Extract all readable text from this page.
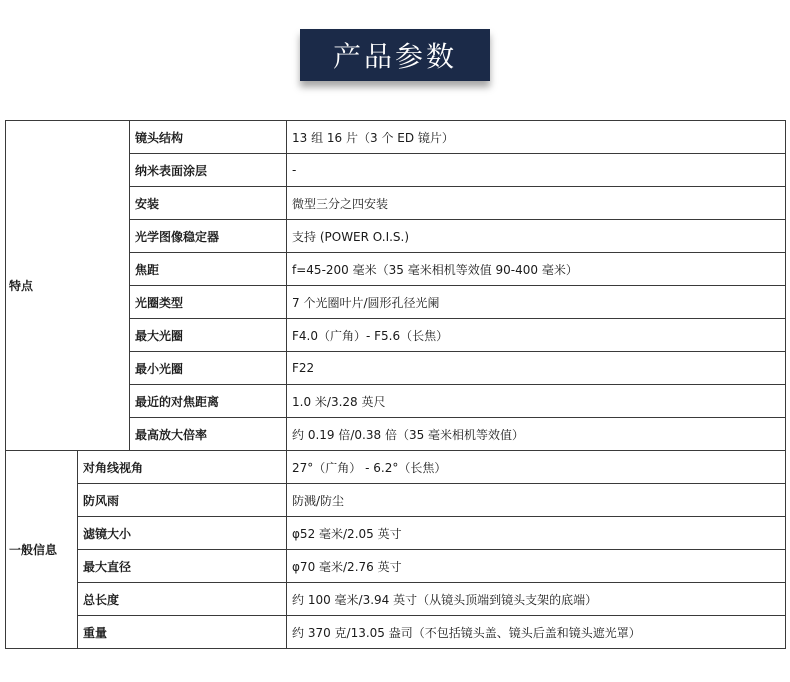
产品参数
特点		镜头结构	13 组 16 片（3 个 ED 镜片）
		纳米表面涂层	-
		安装	微型三分之四安装
		光学图像稳定器	支持 (POWER O.I.S.)
		焦距	f=45-200 毫米（35 毫米相机等效值 90-400 毫米）
		光圈类型	7 个光圈叶片/圆形孔径光阑
		最大光圈	F4.0（广角）- F5.6（长焦）
		最小光圈	F22
		最近的对焦距离	1.0 米/3.28 英尺
		最高放大倍率	约 0.19 倍/0.38 倍（35 毫米相机等效值）
一般信息	对角线视角		27°（广角） - 6.2°（长焦）
	防风雨		防溅/防尘
	滤镜大小		φ52 毫米/2.05 英寸
	最大直径		φ70 毫米/2.76 英寸
	总长度		约 100 毫米/3.94 英寸（从镜头顶端到镜头支架的底端）
	重量		约 370 克/13.05 盎司（不包括镜头盖、镜头后盖和镜头遮光罩）
